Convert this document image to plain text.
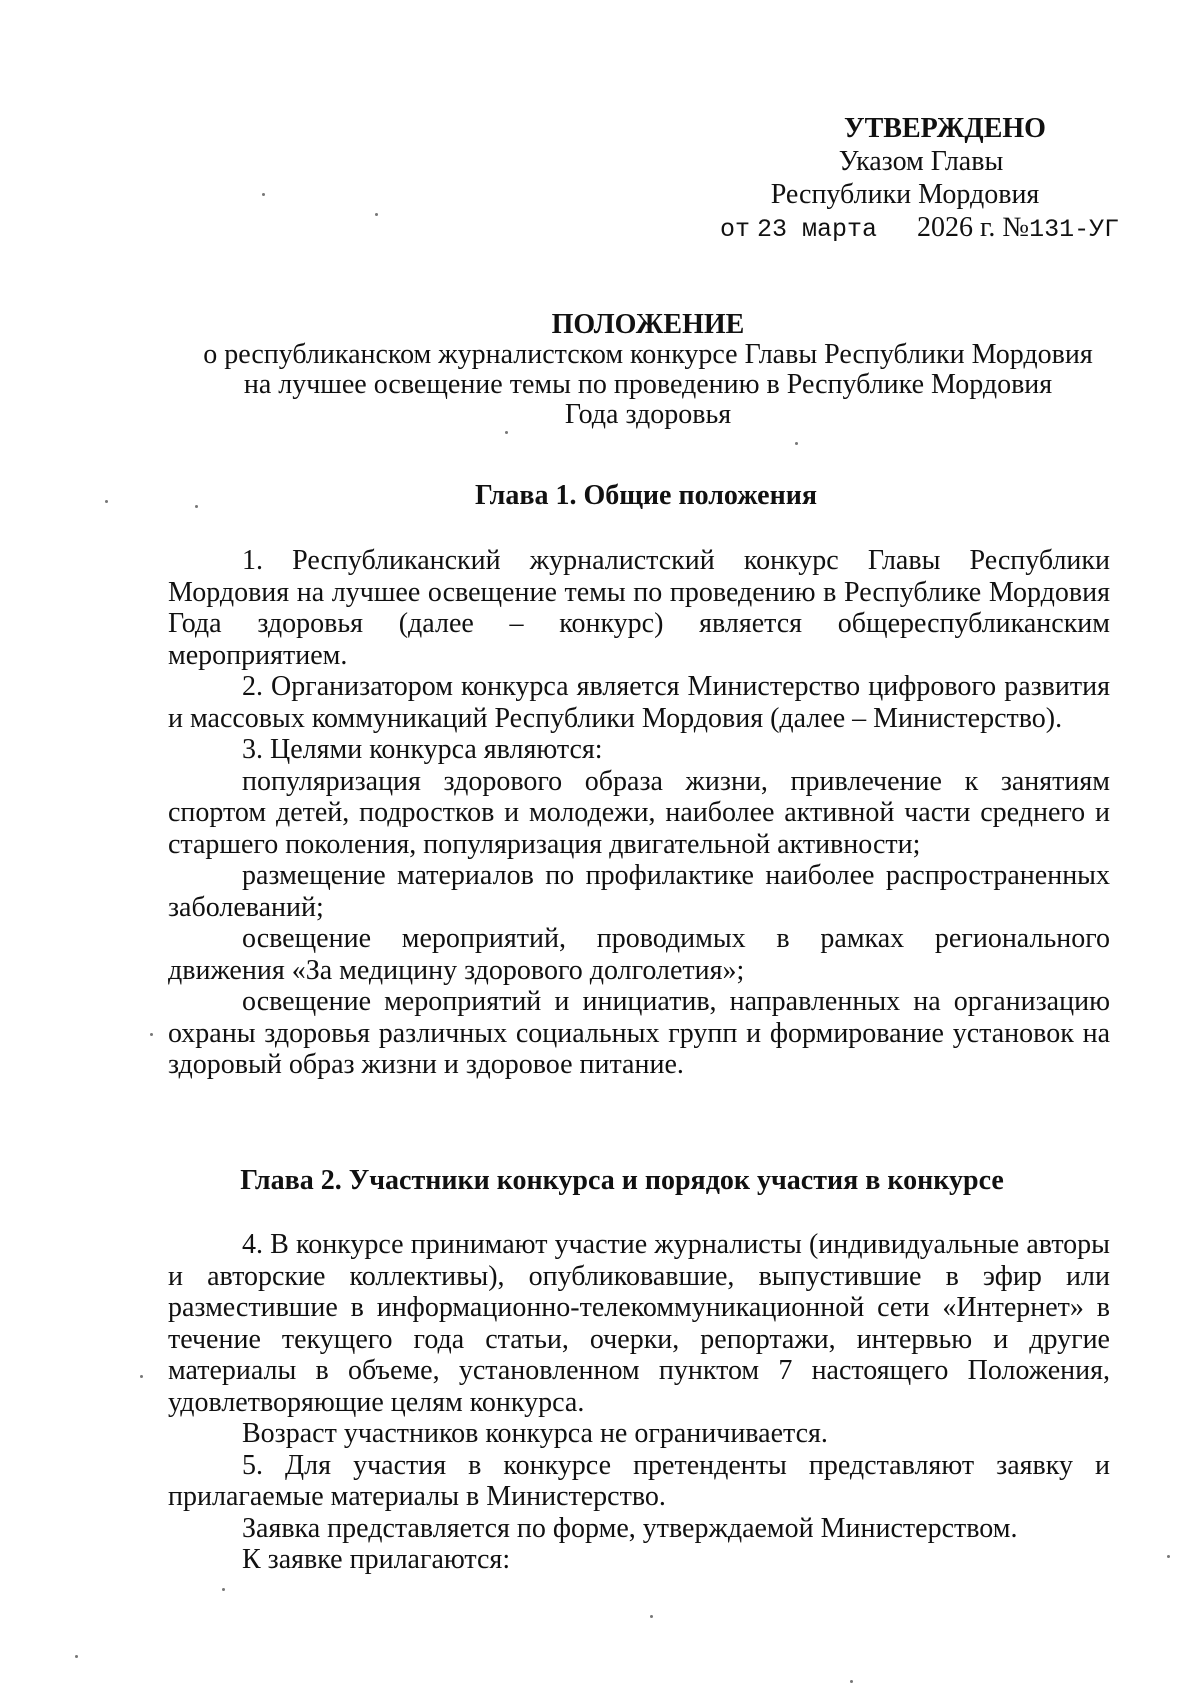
УТВЕРЖДЕНО
Указом Главы
Республики Мордовия
от 23 марта 2026 г. №131-УГ
ПОЛОЖЕНИЕ
о республиканском журналистском конкурсе Главы Республики Мордовия
на лучшее освещение темы по проведению в Республике Мордовия
Года здоровья
Глава 1. Общие положения

1. Республиканский журналистский конкурс Главы Республики Мордовия на лучшее освещение темы по проведению в Республике Мордовия Года здоровья (далее – конкурс) является общереспубликанским мероприятием.

2. Организатором конкурса является Министерство цифрового развития и массовых коммуникаций Республики Мордовия (далее – Министерство).

3. Целями конкурса являются:

популяризация здорового образа жизни, привлечение к занятиям спортом детей, подростков и молодежи, наиболее активной части среднего и старшего поколения, популяризация двигательной активности;

размещение материалов по профилактике наиболее распространенных заболеваний;

освещение мероприятий, проводимых в рамках регионального движения «За медицину здорового долголетия»;

освещение мероприятий и инициатив, направленных на организацию охраны здоровья различных социальных групп и формирование установок на здоровый образ жизни и здоровое питание.

Глава 2. Участники конкурса и порядок участия в конкурсе

4. В конкурсе принимают участие журналисты (индивидуальные авторы и авторские коллективы), опубликовавшие, выпустившие в эфир или разместившие в информационно-телекоммуникационной сети «Интернет» в течение текущего года статьи, очерки, репортажи, интервью и другие материалы в объеме, установленном пунктом 7 настоящего Положения, удовлетворяющие целям конкурса.

Возраст участников конкурса не ограничивается.

5. Для участия в конкурсе претенденты представляют заявку и прилагаемые материалы в Министерство.

Заявка представляется по форме, утверждаемой Министерством.

К заявке прилагаются:
